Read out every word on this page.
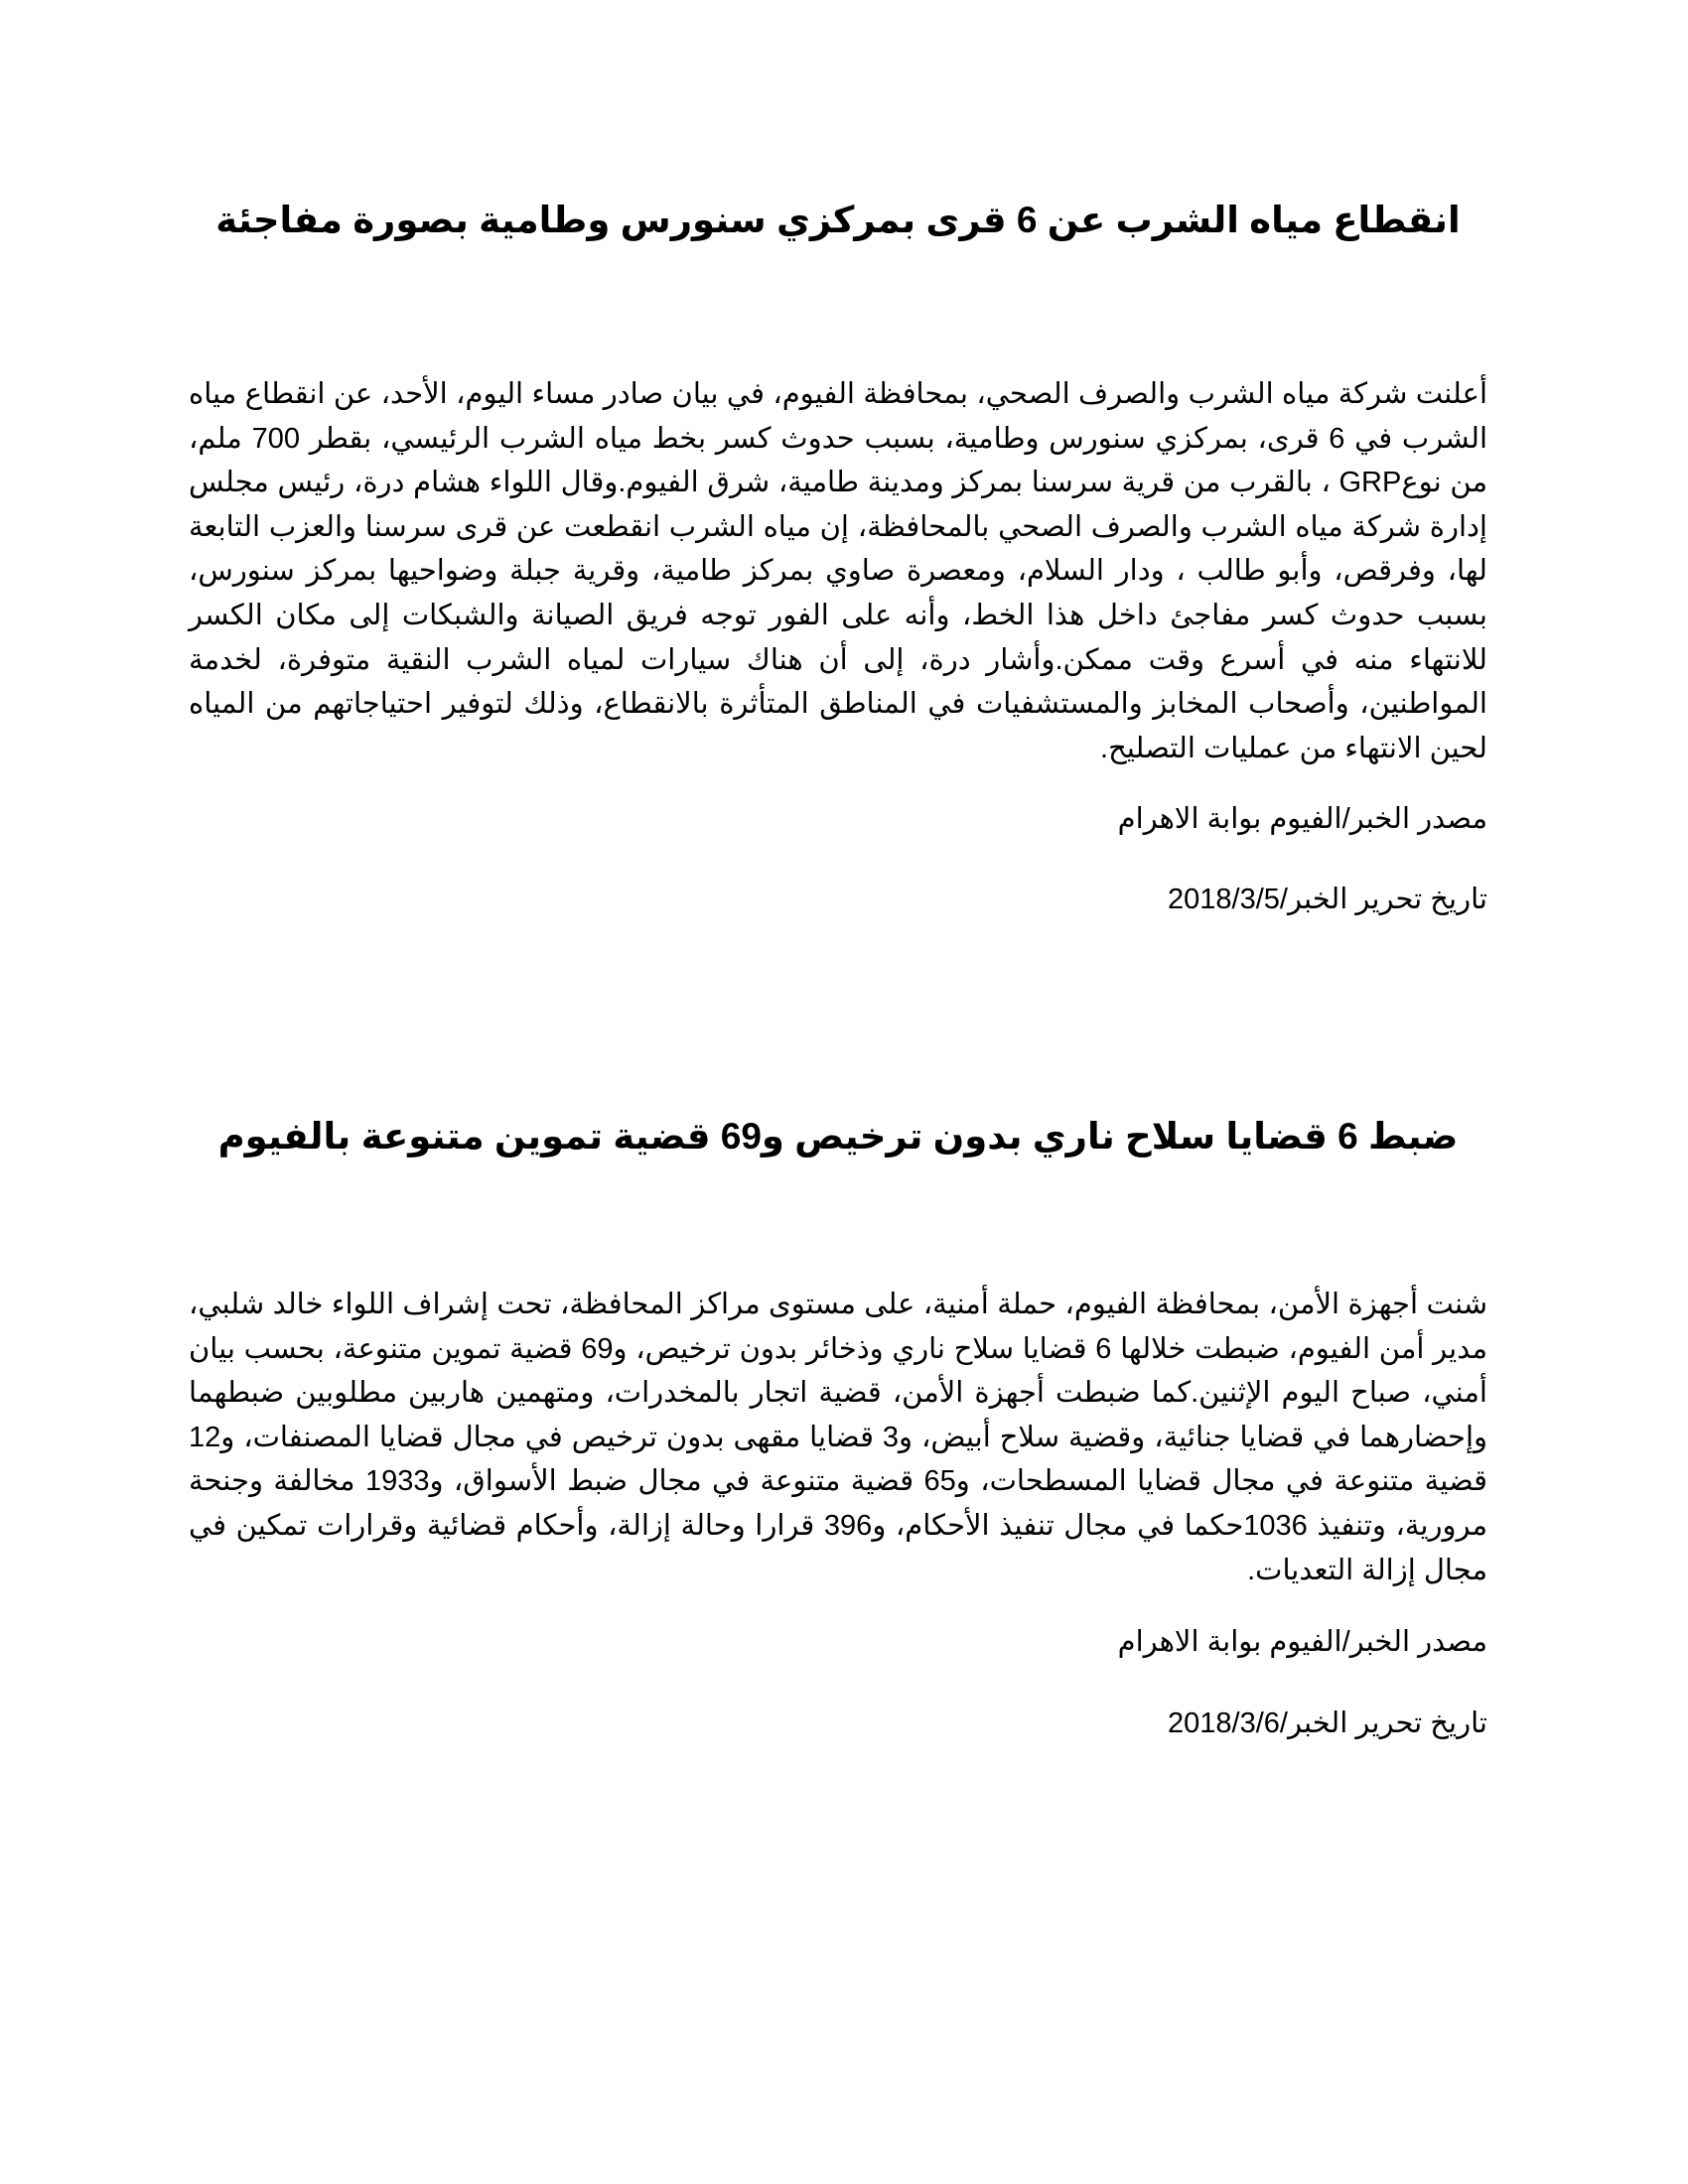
انقطاع مياه الشرب عن 6 قرى بمركزي سنورس وطامية بصورة مفاجئة

أعلنت شركة مياه الشرب والصرف الصحي، بمحافظة الفيوم، في بيان صادر مساء اليوم، الأحد، عن انقطاع مياه الشرب في 6 قرى، بمركزي سنورس وطامية، بسبب حدوث كسر بخط مياه الشرب الرئيسي، بقطر 700 ملم، من نوعGRP ، بالقرب من قرية سرسنا بمركز ومدينة طامية، شرق الفيوم.وقال اللواء هشام درة، رئيس مجلس إدارة شركة مياه الشرب والصرف الصحي بالمحافظة، إن مياه الشرب انقطعت عن قرى سرسنا والعزب التابعة لها، وفرقص، وأبو طالب ، ودار السلام، ومعصرة صاوي بمركز طامية، وقرية جبلة وضواحيها بمركز سنورس، بسبب حدوث كسر مفاجئ داخل هذا الخط، وأنه على الفور توجه فريق الصيانة والشبكات إلى مكان الكسر للانتهاء منه في أسرع وقت ممكن.وأشار درة، إلى أن هناك سيارات لمياه الشرب النقية متوفرة، لخدمة المواطنين، وأصحاب المخابز والمستشفيات في المناطق المتأثرة بالانقطاع، وذلك لتوفير احتياجاتهم من المياه لحين الانتهاء من عمليات التصليح.

مصدر الخبر/الفيوم بوابة الاهرام

تاريخ تحرير الخبر/2018/3/5

ضبط 6 قضايا سلاح ناري بدون ترخيص و69 قضية تموين متنوعة بالفيوم

شنت أجهزة الأمن، بمحافظة الفيوم، حملة أمنية، على مستوى مراكز المحافظة، تحت إشراف اللواء خالد شلبي، مدير أمن الفيوم، ضبطت خلالها 6 قضايا سلاح ناري وذخائر بدون ترخيص، و69 قضية تموين متنوعة، بحسب بيان أمني، صباح اليوم الإثنين.كما ضبطت أجهزة الأمن، قضية اتجار بالمخدرات، ومتهمين هاربين مطلوبين ضبطهما وإحضارهما في قضايا جنائية، وقضية سلاح أبيض، و3 قضايا مقهى بدون ترخيص في مجال قضايا المصنفات، و12 قضية متنوعة في مجال قضايا المسطحات، و65 قضية متنوعة في مجال ضبط الأسواق، و1933 مخالفة وجنحة مرورية، وتنفيذ 1036حكما في مجال تنفيذ الأحكام، و396 قرارا وحالة إزالة، وأحكام قضائية وقرارات تمكين في مجال إزالة التعديات.

مصدر الخبر/الفيوم بوابة الاهرام

تاريخ تحرير الخبر/2018/3/6
